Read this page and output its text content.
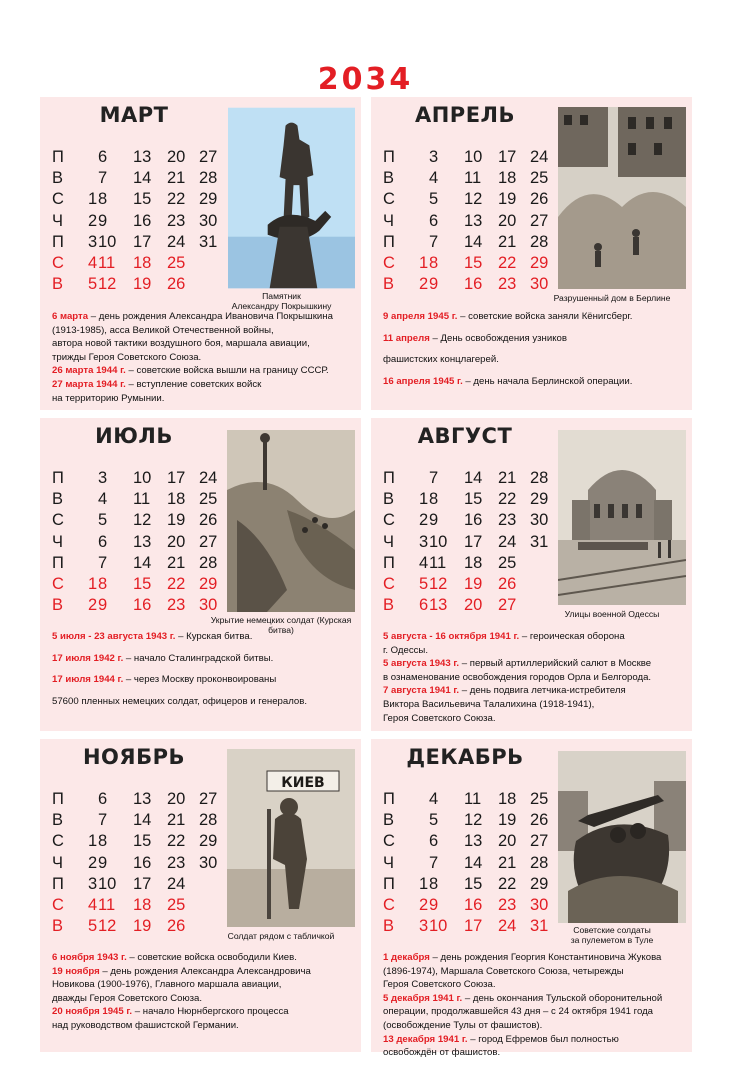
2034
МАРТ
П 6 13 20 27
В 7 14 21 28
С 1 8 15 22 29
Ч 2 9 16 23 30
П 3 10 17 24 31
С 4 11 18 25
В 5 12 19 26
Памятник
Александру Покрышкину

6 марта – день рождения Александра Ивановича Покрышкина

(1913-1985), асса Великой Отечественной войны,

автора новой тактики воздушного боя, маршала авиации,

трижды Героя Советского Союза.

26 марта 1944 г. – советские войска вышли на границу СССР.

27 марта 1944 г. – вступление советских войск

на территорию Румынии.

АПРЕЛЬ
П 3 10 17 24
В 4 11 18 25
С 5 12 19 26
Ч 6 13 20 27
П 7 14 21 28
С 1 8 15 22 29
В 2 9 16 23 30
Разрушенный дом в Берлине

9 апреля 1945 г. – советские войска заняли Кёнигсберг.

11 апреля – День освобождения узников

фашистских концлагерей.

16 апреля 1945 г. – день начала Берлинской операции.

ИЮЛЬ
П 3 10 17 24
В 4 11 18 25
С 5 12 19 26
Ч 6 13 20 27
П 7 14 21 28
С 1 8 15 22 29
В 2 9 16 23 30
Укрытие немецких солдат (Курская битва)

5 июля - 23 августа 1943 г. – Курская битва.

17 июля 1942 г. – начало Сталинградской битвы.

17 июля 1944 г. – через Москву проконвоированы

57600 пленных немецких солдат, офицеров и генералов.

АВГУСТ
П 7 14 21 28
В 1 8 15 22 29
С 2 9 16 23 30
Ч 3 10 17 24 31
П 4 11 18 25
С 5 12 19 26
В 6 13 20 27	Улицы военной Одессы

5 августа - 16 октября 1941 г. – героическая оборона

г. Одессы.

5 августа 1943 г. – первый артиллерийский салют в Москве

в ознаменование освобождения городов Орла и Белгорода.

7 августа 1941 г. – день подвига летчика-истребителя

Виктора Васильевича Талалихина (1918-1941),

Героя Советского Союза.

НОЯБРЬ
П 6 13 20 27
В 7 14 21 28
С 1 8 15 22 29
Ч 2 9 16 23 30
П 3 10 17 24
С 4 11 18 25
В 5 12 19 26
КИЕВ
Солдат рядом с табличкой

6 ноября 1943 г. – советские войска освободили Киев.

19 ноября – день рождения Александра Александровича

Новикова (1900-1976), Главного маршала авиации,

дважды Героя Советского Союза.

20 ноября 1945 г. – начало Нюрнбергского процесса

над руководством фашистской Германии.

ДЕКАБРЬ
П 4 11 18 25
В 5 12 19 26
С 6 13 20 27
Ч 7 14 21 28
П 1 8 15 22 29
С 2 9 16 23 30
В 3 10 17 24 31	Советские солдаты
за пулеметом в Туле

1 декабря – день рождения Георгия Константиновича Жукова

(1896-1974), Маршала Советского Союза, четырежды

Героя Советского Союза.

5 декабря 1941 г. – день окончания Тульской оборонительной

операции, продолжавшейся 43 дня – с 24 октября 1941 года

(освобождение Тулы от фашистов).

13 декабря 1941 г. – город Ефремов был полностью

освобождён от фашистов.
